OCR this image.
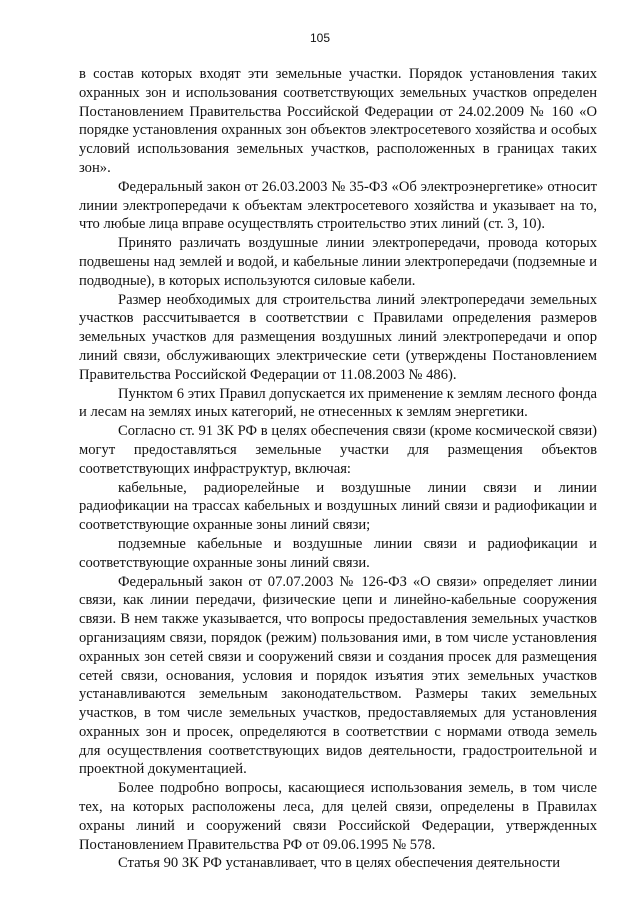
105

в состав которых входят эти земельные участки. Порядок установления таких охранных зон и использования соответствующих земельных участков определен Постановлением Правительства Российской Федерации от 24.02.2009 № 160 «О порядке установления охранных зон объектов электросетевого хозяйства и особых условий использования земельных участков, расположенных в границах таких зон».

Федеральный закон от 26.03.2003 № 35-ФЗ «Об электроэнергетике» относит линии электропередачи к объектам электросетевого хозяйства и указывает на то, что любые лица вправе осуществлять строительство этих линий (ст. 3, 10).

Принято различать воздушные линии электропередачи, провода которых подвешены над землей и водой, и кабельные линии электропередачи (подземные и подводные), в которых используются силовые кабели.

Размер необходимых для строительства линий электропередачи земельных участков рассчитывается в соответствии с Правилами определения размеров земельных участков для размещения воздушных линий электропередачи и опор линий связи, обслуживающих электрические сети (утверждены Постановлением Правительства Российской Федерации от 11.08.2003 № 486).

Пунктом 6 этих Правил допускается их применение к землям лесного фонда и лесам на землях иных категорий, не отнесенных к землям энергетики.

Согласно ст. 91 ЗК РФ в целях обеспечения связи (кроме космической связи) могут предоставляться земельные участки для размещения объектов соответствующих инфраструктур, включая:

кабельные, радиорелейные и воздушные линии связи и линии радиофикации на трассах кабельных и воздушных линий связи и радиофикации и соответствующие охранные зоны линий связи;

подземные кабельные и воздушные линии связи и радиофикации и соответствующие охранные зоны линий связи.

Федеральный закон от 07.07.2003 № 126-ФЗ «О связи» определяет линии связи, как линии передачи, физические цепи и линейно-кабельные сооружения связи. В нем также указывается, что вопросы предоставления земельных участков организациям связи, порядок (режим) пользования ими, в том числе установления охранных зон сетей связи и сооружений связи и создания просек для размещения сетей связи, основания, условия и порядок изъятия этих земельных участков устанавливаются земельным законодательством. Размеры таких земельных участков, в том числе земельных участков, предоставляемых для установления охранных зон и просек, определяются в соответствии с нормами отвода земель для осуществления соответствующих видов деятельности, градостроительной и проектной документацией.

Более подробно вопросы, касающиеся использования земель, в том числе тех, на которых расположены леса, для целей связи, определены в Правилах охраны линий и сооружений связи Российской Федерации, утвержденных Постановлением Правительства РФ от 09.06.1995 № 578.

Статья 90 ЗК РФ устанавливает, что в целях обеспечения деятельности
